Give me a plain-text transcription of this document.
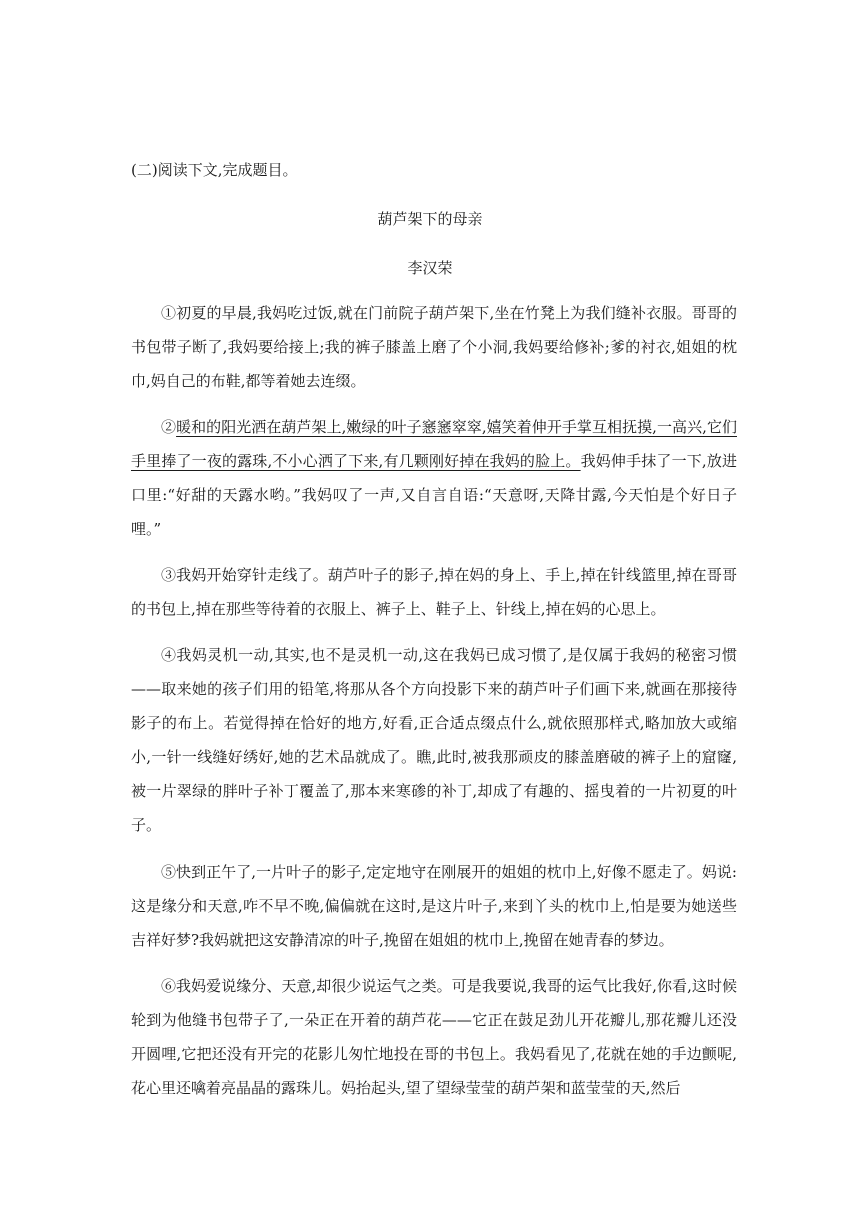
(二)阅读下文,完成题目。
葫芦架下的母亲
李汉荣

①初夏的早晨,我妈吃过饭,就在门前院子葫芦架下,坐在竹凳上为我们缝补衣服。哥哥的书包带子断了,我妈要给接上;我的裤子膝盖上磨了个小洞,我妈要给修补;爹的衬衣,姐姐的枕巾,妈自己的布鞋,都等着她去连缀。

②暖和的阳光洒在葫芦架上,嫩绿的叶子窸窸窣窣,嬉笑着伸开手掌互相抚摸,一高兴,它们手里捧了一夜的露珠,不小心洒了下来,有几颗刚好掉在我妈的脸上。我妈伸手抹了一下,放进口里:“好甜的天露水哟。”我妈叹了一声,又自言自语:“天意呀,天降甘露,今天怕是个好日子哩。”

③我妈开始穿针走线了。葫芦叶子的影子,掉在妈的身上、手上,掉在针线篮里,掉在哥哥的书包上,掉在那些等待着的衣服上、裤子上、鞋子上、针线上,掉在妈的心思上。

④我妈灵机一动,其实,也不是灵机一动,这在我妈已成习惯了,是仅属于我妈的秘密习惯——取来她的孩子们用的铅笔,将那从各个方向投影下来的葫芦叶子们画下来,就画在那接待影子的布上。若觉得掉在恰好的地方,好看,正合适点缀点什么,就依照那样式,略加放大或缩小,一针一线缝好绣好,她的艺术品就成了。瞧,此时,被我那顽皮的膝盖磨破的裤子上的窟窿,被一片翠绿的胖叶子补丁覆盖了,那本来寒碜的补丁,却成了有趣的、摇曳着的一片初夏的叶子。

⑤快到正午了,一片叶子的影子,定定地守在刚展开的姐姐的枕巾上,好像不愿走了。妈说:这是缘分和天意,咋不早不晚,偏偏就在这时,是这片叶子,来到丫头的枕巾上,怕是要为她送些吉祥好梦?我妈就把这安静清凉的叶子,挽留在姐姐的枕巾上,挽留在她青春的梦边。

⑥我妈爱说缘分、天意,却很少说运气之类。可是我要说,我哥的运气比我好,你看,这时候轮到为他缝书包带子了,一朵正在开着的葫芦花——它正在鼓足劲儿开花瓣儿,那花瓣儿还没开圆哩,它把还没有开完的花影儿匆忙地投在哥的书包上。我妈看见了,花就在她的手边颤呢,花心里还噙着亮晶晶的露珠儿。妈抬起头,望了望绿莹莹的葫芦架和蓝莹莹的天,然后
